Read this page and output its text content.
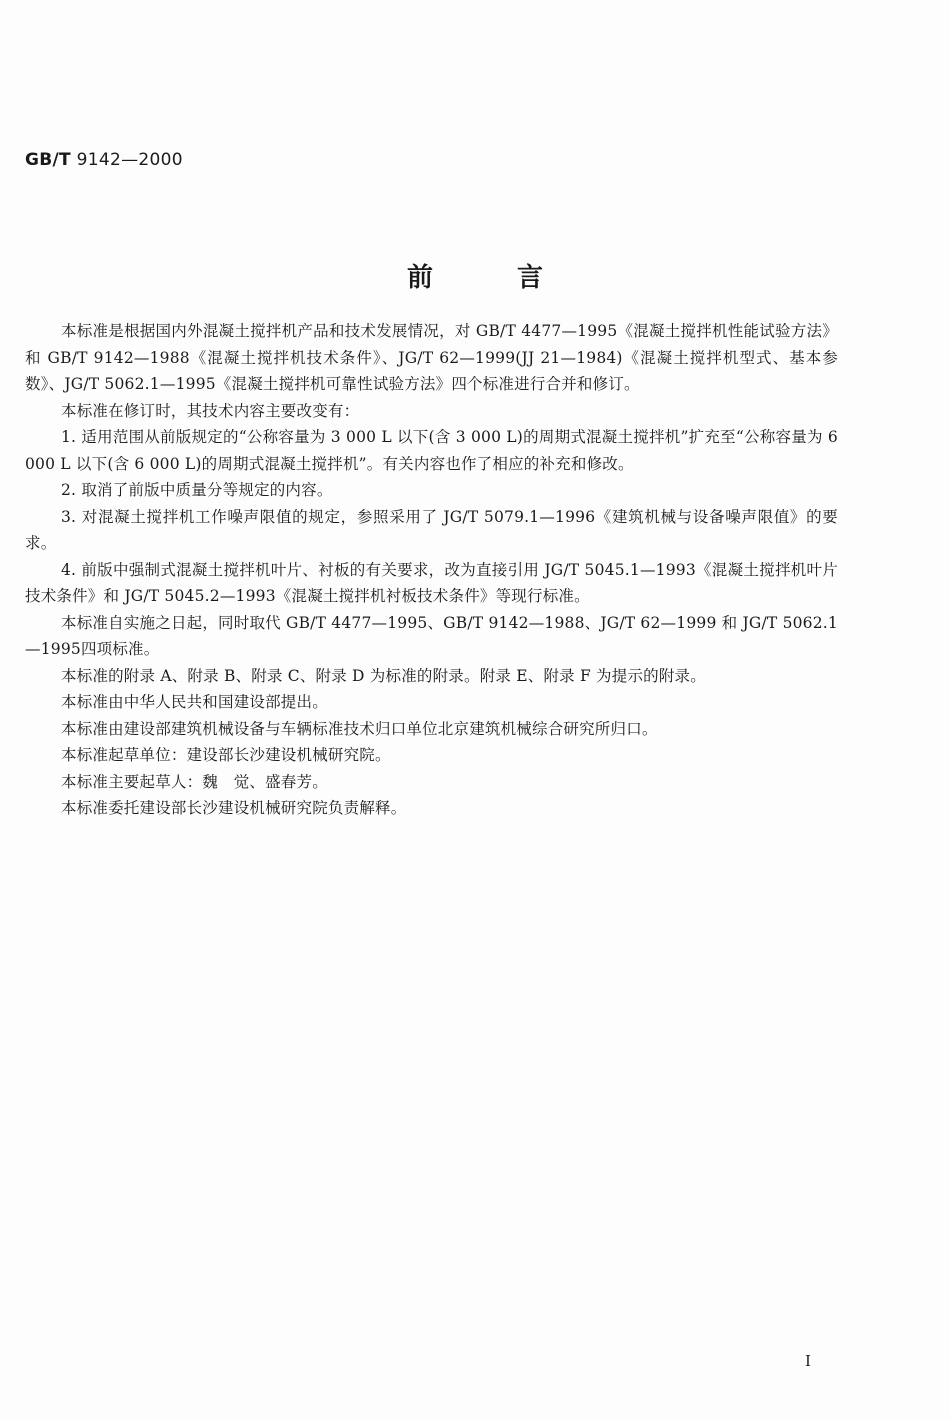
GB/T 9142—2000
前言

本标准是根据国内外混凝土搅拌机产品和技术发展情况，对 GB/T 4477—1995《混凝土搅拌机性能试验方法》和 GB/T 9142—1988《混凝土搅拌机技术条件》、JG/T 62—1999(JJ 21—1984)《混凝土搅拌机型式、基本参数》、JG/T 5062.1—1995《混凝土搅拌机可靠性试验方法》四个标准进行合并和修订。

本标准在修订时，其技术内容主要改变有：

1. 适用范围从前版规定的“公称容量为 3 000 L 以下(含 3 000 L)的周期式混凝土搅拌机”扩充至“公称容量为 6 000 L 以下(含 6 000 L)的周期式混凝土搅拌机”。有关内容也作了相应的补充和修改。

2. 取消了前版中质量分等规定的内容。

3. 对混凝土搅拌机工作噪声限值的规定，参照采用了 JG/T 5079.1—1996《建筑机械与设备噪声限值》的要求。

4. 前版中强制式混凝土搅拌机叶片、衬板的有关要求，改为直接引用 JG/T 5045.1—1993《混凝土搅拌机叶片技术条件》和 JG/T 5045.2—1993《混凝土搅拌机衬板技术条件》等现行标准。

本标准自实施之日起，同时取代 GB/T 4477—1995、GB/T 9142—1988、JG/T 62—1999 和 JG/T 5062.1—1995四项标准。

本标准的附录 A、附录 B、附录 C、附录 D 为标准的附录。附录 E、附录 F 为提示的附录。

本标准由中华人民共和国建设部提出。

本标准由建设部建筑机械设备与车辆标准技术归口单位北京建筑机械综合研究所归口。

本标准起草单位：建设部长沙建设机械研究院。

本标准主要起草人：魏　觉、盛春芳。

本标准委托建设部长沙建设机械研究院负责解释。

I
